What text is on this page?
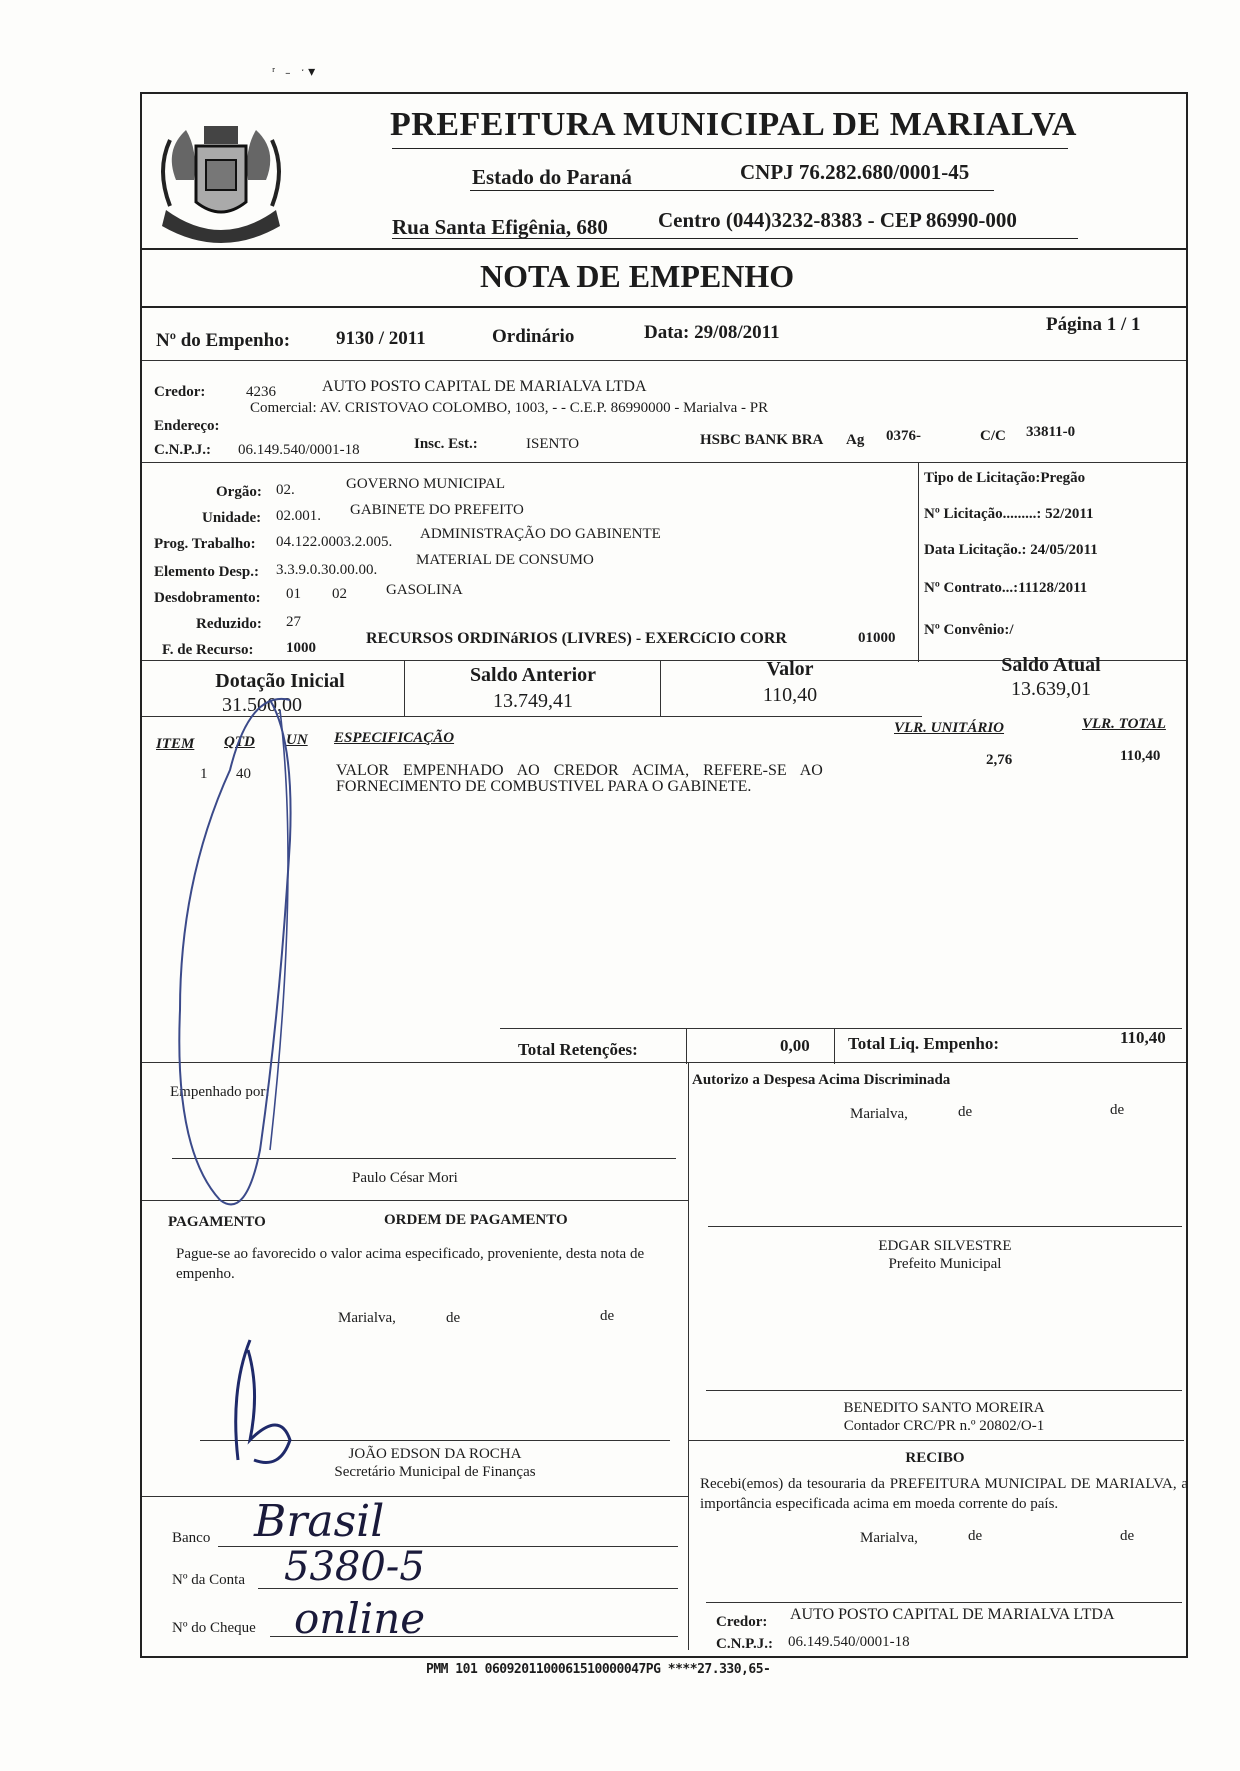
ʳ   ˗   ˑ ▾
PREFEITURA MUNICIPAL DE MARIALVA
Estado do Paraná	CNPJ 76.282.680/0001-45
Rua Santa Efigênia, 680 Centro (044)3232-8383 - CEP 86990-000
NOTA DE EMPENHO
Nº do Empenho: 9130 / 2011	Ordinário	Data: 29/08/2011	Página 1 / 1
Credor:	4236	AUTO POSTO CAPITAL DE MARIALVA LTDA
Endereço:
Comercial: AV. CRISTOVAO COLOMBO, 1003, - - C.E.P. 86990000 - Marialva - PR
C.N.P.J.: 06.149.540/0001-18	Insc. Est.:	ISENTO	HSBC BANK BRA Ag 0376-	C/C 33811-0
Orgão: 02.	GOVERNO MUNICIPAL
Unidade: 02.001. GABINETE DO PREFEITO
Prog. Trabalho: 04.122.0003.2.005. ADMINISTRAÇÃO DO GABINENTE
Elemento Desp.: 3.3.9.0.30.00.00.
MATERIAL DE CONSUMO
Desdobramento: 01 02	GASOLINA
Reduzido: 27
F. de Recurso: 1000
RECURSOS ORDINáRIOS (LIVRES) - EXERCíCIO CORR	01000
Tipo de Licitação:Pregão
Nº Licitação.........: 52/2011
Data Licitação.: 24/05/2011
Nº Contrato...:11128/2011
Nº Convênio:/
Dotação Inicial
31.500,00
Saldo Anterior
13.749,41
Valor
110,40
Saldo Atual
13.639,01
ITEM QTD UN ESPECIFICAÇÃO
VLR. UNITÁRIO	VLR. TOTAL
1 40	VALOR EMPENHADO AO CREDOR ACIMA, REFERE-SE AO
FORNECIMENTO DE COMBUSTIVEL PARA O GABINETE.
2,76	110,40
Total Retenções:	0,00 Total Liq. Empenho:	110,40
Empenhado por:
Paulo César Mori
Autorizo a Despesa Acima Discriminada
Marialva,	de	de
EDGAR SILVESTRE
Prefeito Municipal
BENEDITO SANTO MOREIRA
Contador CRC/PR n.º 20802/O-1
PAGAMENTO	ORDEM DE PAGAMENTO
Pague-se ao favorecido o valor acima especificado, proveniente, desta nota de empenho.
Marialva,	de	de
JOÃO EDSON DA ROCHA
Secretário Municipal de Finanças
Banco
Nº da Conta
Nº do Cheque
Brasil
5380-5
online
RECIBO
Recebi(emos) da tesouraria da PREFEITURA MUNICIPAL DE MARIALVA, a importância especificada acima em moeda corrente do país.
Marialva,	de	de
Credor: AUTO POSTO CAPITAL DE MARIALVA LTDA
C.N.P.J.: 06.149.540/0001-18
PMM 101 0609201100061510000047PG ****27.330,65-
